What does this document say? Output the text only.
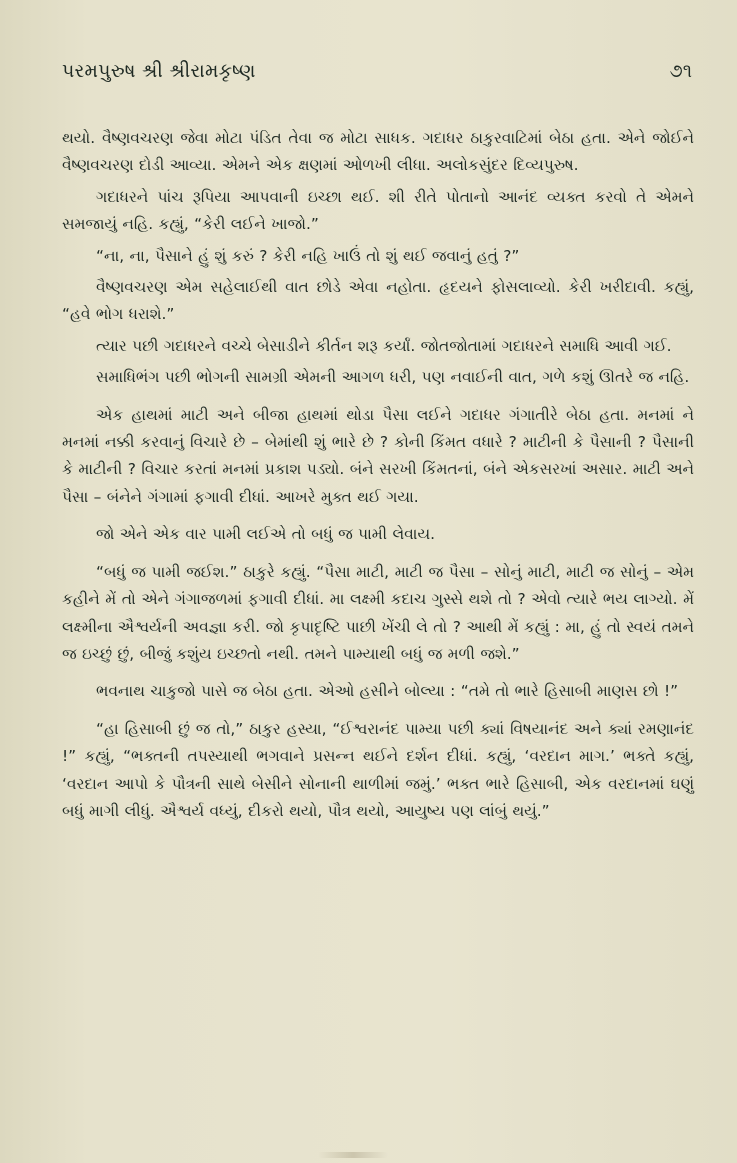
પરમપુરુષ શ્રી શ્રીરામકૃષ્ણ	૭૧

થયો. વૈષ્ણવચરણ જેવા મોટા પંડિત તેવા જ મોટા સાધક. ગદાધર ઠાકુરવાટિમાં બેઠા હતા. એને જોઈને વૈષ્ણવચરણ દોડી આવ્યા. એમને એક ક્ષણમાં ઓળખી લીધા. અલોકસુંદર દિવ્યપુરુષ.

ગદાધરને પાંચ રૂપિયા આપવાની ઇચ્છા થઈ. શી રીતે પોતાનો આનંદ વ્યક્ત કરવો તે એમને સમજાયું નહિ. કહ્યું, “કેરી લઈને ખાજો.”

“ના, ના, પૈસાને હું શું કરું ? કેરી નહિ ખાઉં તો શું થઈ જવાનું હતું ?”

વૈષ્ણવચરણ એમ સહેલાઈથી વાત છોડે એવા નહોતા. હૃદયને ફોસલાવ્યો. કેરી ખરીદાવી. કહ્યું, “હવે ભોગ ધરાશે.”

ત્યાર પછી ગદાધરને વચ્ચે બેસાડીને કીર્તન શરૂ કર્યાં. જોતજોતામાં ગદાધરને સમાધિ આવી ગઈ.

સમાધિભંગ પછી ભોગની સામગ્રી એમની આગળ ધરી, પણ નવાઈની વાત, ગળે કશું ઊતરે જ નહિ.

એક હાથમાં માટી અને બીજા હાથમાં થોડા પૈસા લઈને ગદાધર ગંગાતીરે બેઠા હતા. મનમાં ને મનમાં નક્કી કરવાનું વિચારે છે – બેમાંથી શું ભારે છે ? કોની કિંમત વધારે ? માટીની કે પૈસાની ? પૈસાની કે માટીની ? વિચાર કરતાં મનમાં પ્રકાશ પડ્યો. બંને સરખી કિંમતનાં, બંને એકસરખાં અસાર. માટી અને પૈસા – બંનેને ગંગામાં ફગાવી દીધાં. આખરે મુક્ત થઈ ગયા.

જો એને એક વાર પામી લઈએ તો બધું જ પામી લેવાય.

“બધું જ પામી જઈશ.” ઠાકુરે કહ્યું. “પૈસા માટી, માટી જ પૈસા – સોનું માટી, માટી જ સોનું – એમ કહીને મેં તો એને ગંગાજળમાં ફગાવી દીધાં. મા લક્ષ્મી કદાચ ગુસ્સે થશે તો ? એવો ત્યારે ભય લાગ્યો. મેં લક્ષ્મીના ઐશ્વર્યની અવજ્ઞા કરી. જો કૃપાદૃષ્ટિ પાછી ખેંચી લે તો ? આથી મેં કહ્યું : મા, હું તો સ્વયં તમને જ ઇચ્છું છું, બીજું કશુંય ઇચ્છતો નથી. તમને પામ્યાથી બધું જ મળી જશે.”

ભવનાથ ચાકુજો પાસે જ બેઠા હતા. એઓ હસીને બોલ્યા : “તમે તો ભારે હિસાબી માણસ છો !”

“હા હિસાબી છું જ તો,” ઠાકુર હસ્યા, “ઈશ્વરાનંદ પામ્યા પછી ક્યાં વિષયાનંદ અને ક્યાં રમણાનંદ !” કહ્યું, “ભક્તની તપસ્યાથી ભગવાને પ્રસન્ન થઈને દર્શન દીધાં. કહ્યું, ‘વરદાન માગ.’ ભક્તે કહ્યું, ‘વરદાન આપો કે પૌત્રની સાથે બેસીને સોનાની થાળીમાં જમું.’ ભક્ત ભારે હિસાબી, એક વરદાનમાં ઘણું બધું માગી લીધું. ઐશ્વર્ય વધ્યું, દીકરો થયો, પૌત્ર થયો, આયુષ્ય પણ લાંબું થયું.”
